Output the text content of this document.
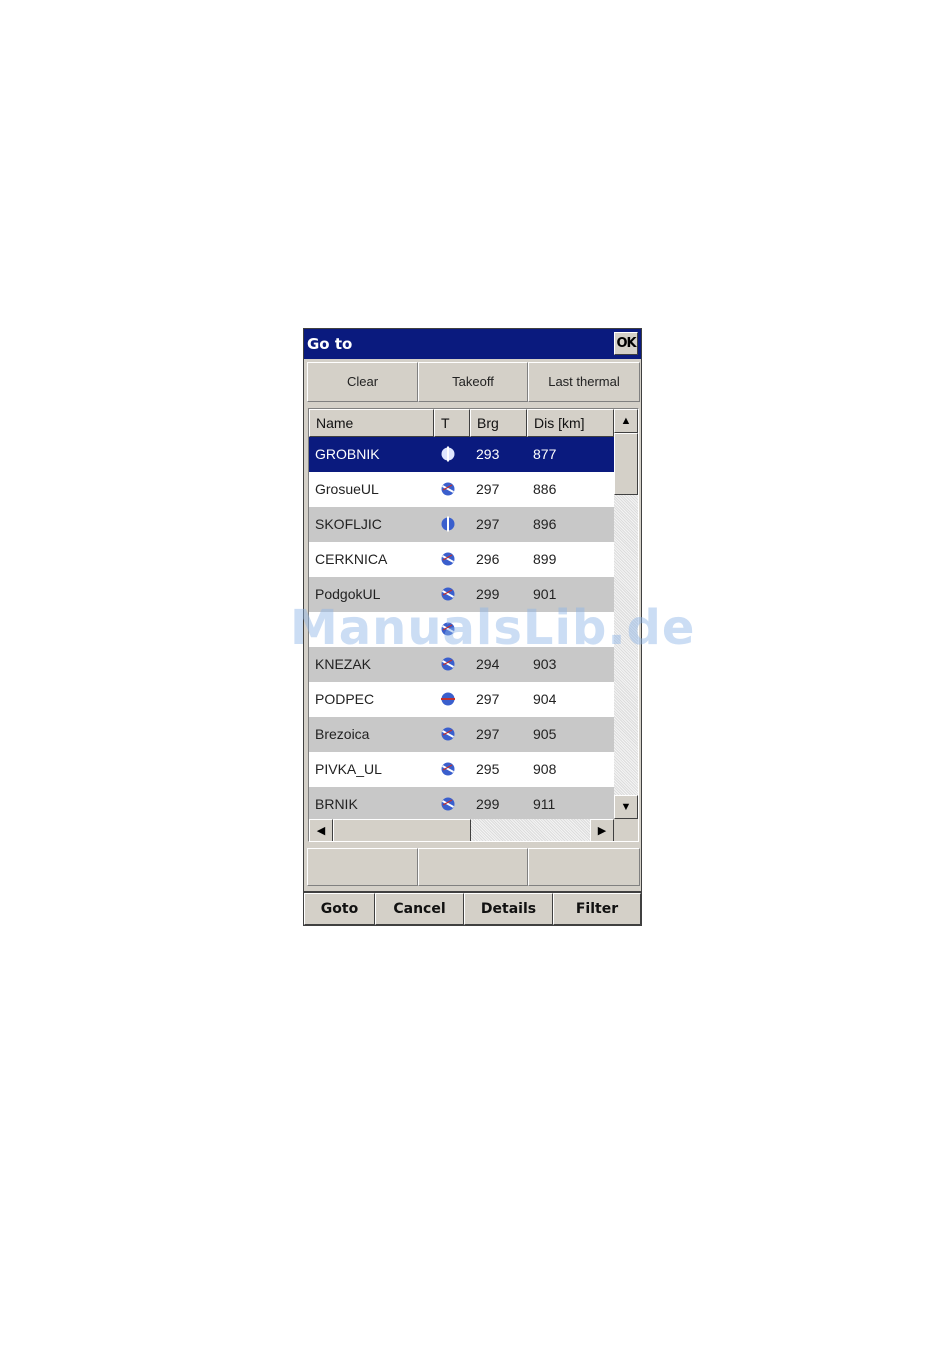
Go to	OK
Clear	Takeoff	Last thermal
Name	T	Brg	Dis [km]
GROBNIK	293 877
GrosueUL	297 886
SKOFLJIC	297 896
CERKNICA	296 899
PodgokUL	299 901
KNEZAK	294 903
PODPEC	297 904
Brezoica	297 905
PIVKA_UL	295 908
BRNIK	299 911
▲
▼
◀	▶
Goto	Cancel	Details	Filter
ManualsLib.de
